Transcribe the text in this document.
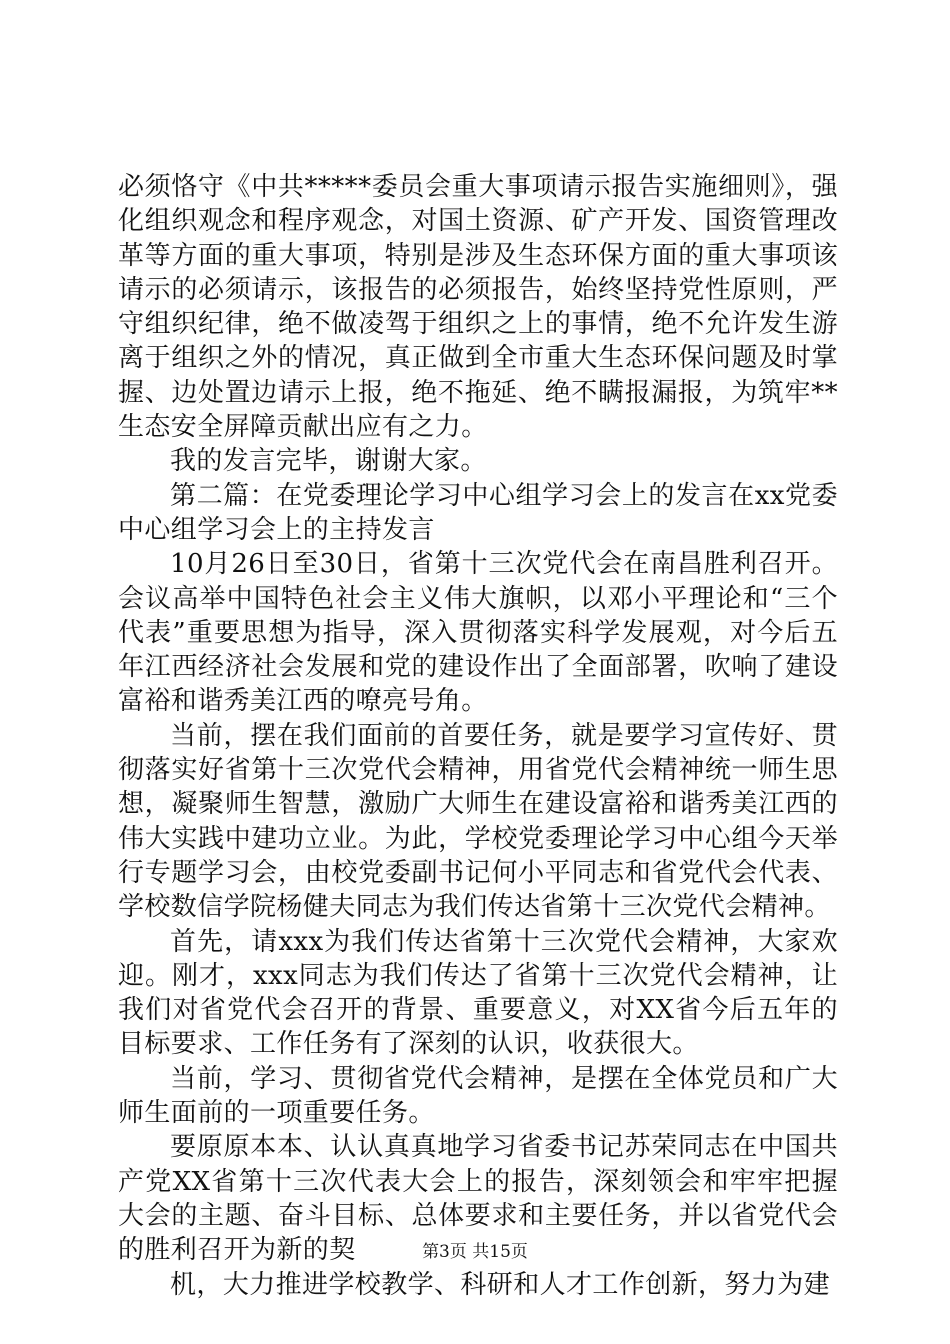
必须恪守《中共*****委员会重大事项请示报告实施细则》，强化组织观念和程序观念，对国土资源、矿产开发、国资管理改革等方面的重大事项，特别是涉及生态环保方面的重大事项该请示的必须请示，该报告的必须报告，始终坚持党性原则，严守组织纪律，绝不做凌驾于组织之上的事情，绝不允许发生游离于组织之外的情况，真正做到全市重大生态环保问题及时掌握、边处置边请示上报，绝不拖延、绝不瞒报漏报，为筑牢**生态安全屏障贡献出应有之力。

我的发言完毕，谢谢大家。

第二篇：在党委理论学习中心组学习会上的发言在xx党委中心组学习会上的主持发言

10月26日至30日，省第十三次党代会在南昌胜利召开。会议高举中国特色社会主义伟大旗帜，以邓小平理论和“三个代表”重要思想为指导，深入贯彻落实科学发展观，对今后五年江西经济社会发展和党的建设作出了全面部署，吹响了建设富裕和谐秀美江西的嘹亮号角。

当前，摆在我们面前的首要任务，就是要学习宣传好、贯彻落实好省第十三次党代会精神，用省党代会精神统一师生思想，凝聚师生智慧，激励广大师生在建设富裕和谐秀美江西的伟大实践中建功立业。为此，学校党委理论学习中心组今天举行专题学习会，由校党委副书记何小平同志和省党代会代表、学校数信学院杨健夫同志为我们传达省第十三次党代会精神。

首先，请xxx为我们传达省第十三次党代会精神，大家欢迎。刚才，xxx同志为我们传达了省第十三次党代会精神，让我们对省党代会召开的背景、重要意义，对XX省今后五年的目标要求、工作任务有了深刻的认识，收获很大。

当前，学习、贯彻省党代会精神，是摆在全体党员和广大师生面前的一项重要任务。

要原原本本、认认真真地学习省委书记苏荣同志在中国共产党XX省第十三次代表大会上的报告，深刻领会和牢牢把握大会的主题、奋斗目标、总体要求和主要任务，并以省党代会的胜利召开为新的契

机，大力推进学校教学、科研和人才工作创新，努力为建

第3页 共15页
